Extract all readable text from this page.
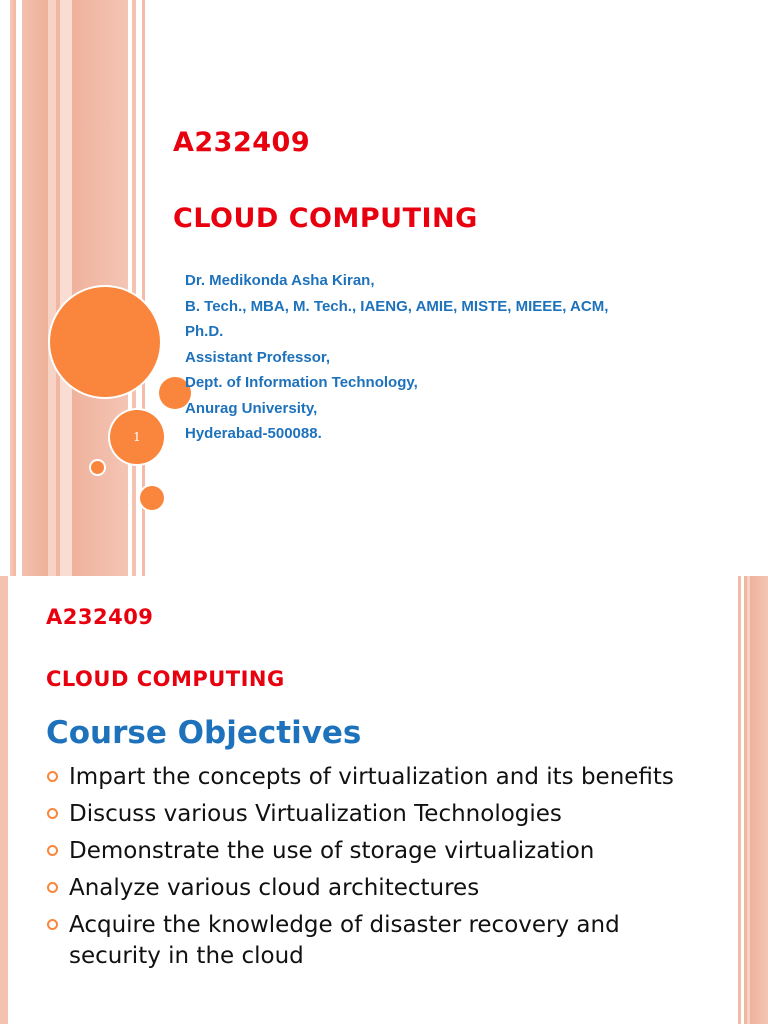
1
A232409
CLOUD COMPUTING
Dr. Medikonda Asha Kiran,
B. Tech., MBA, M. Tech., IAENG, AMIE, MISTE, MIEEE, ACM,
Ph.D.
Assistant Professor,
Dept. of Information Technology,
Anurag University,
Hyderabad-500088.
A232409
CLOUD COMPUTING
Course Objectives
Impart the concepts of virtualization and its benefits
Discuss various Virtualization Technologies
Demonstrate the use of storage virtualization
Analyze various cloud architectures
Acquire the knowledge of disaster recovery and security in the cloud
